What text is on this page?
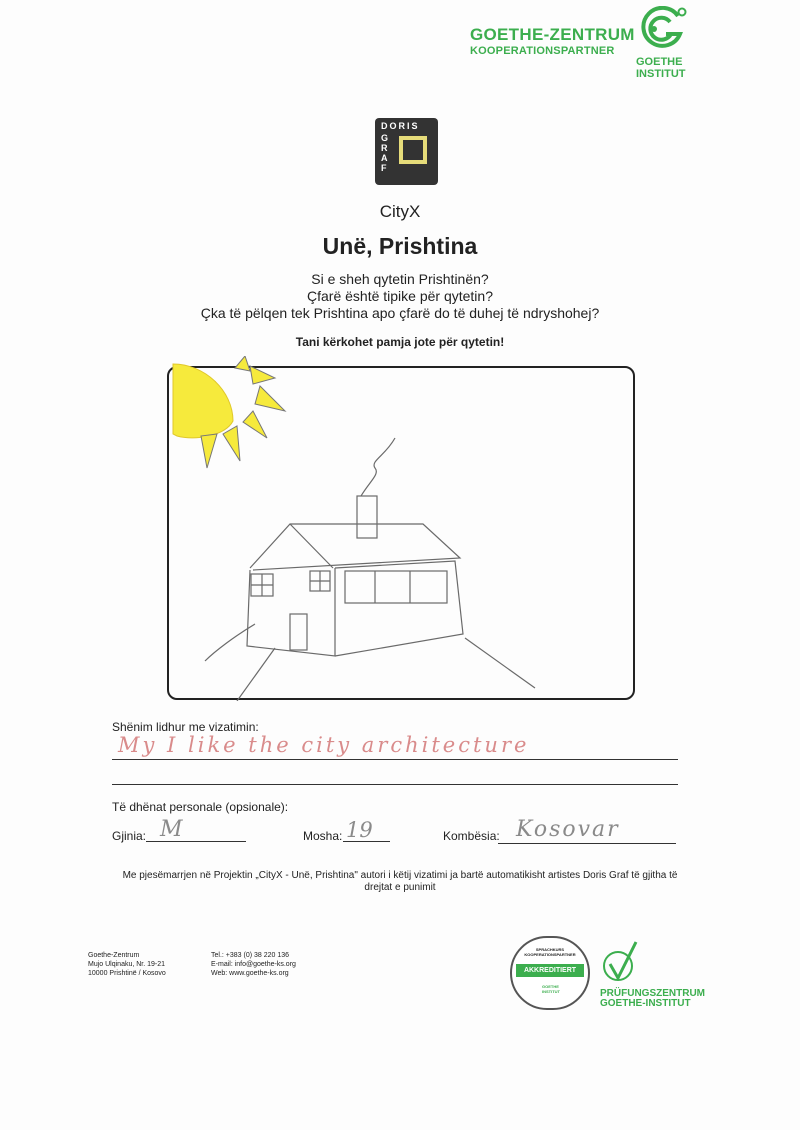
GOETHE-ZENTRUM
KOOPERATIONSPARTNER
GOETHE
INSTITUT
DORIS
G
R
A
F
CityX
Unë, Prishtina
Si e sheh qytetin Prishtinën?
Çfarë është tipike për qytetin?
Çka të pëlqen tek Prishtina apo çfarë do të duhej të ndryshohej?
Tani kërkohet pamja jote për qytetin!
Shënim lidhur me vizatimin:
My I like the city architecture
Të dhënat personale (opsionale):
Gjinia: M	Mosha: 19	Kombësia: Kosovar
Me pjesëmarrjen në Projektin „CityX - Unë, Prishtina" autori i këtij vizatimi ja bartë automatikisht artistes Doris Graf të gjitha të drejtat e punimit
Goethe-Zentrum
Mujo Ulqinaku, Nr. 19-21
10000 Prishtinë / Kosovo
Tel.: +383 (0) 38 220 136
E-mail: info@goethe-ks.org
Web: www.goethe-ks.org
SPRACHKURS
KOOPERATIONSPARTNER
AKKREDITIERT
GOETHE
INSTITUT	PRÜFUNGSZENTRUM
GOETHE-INSTITUT
